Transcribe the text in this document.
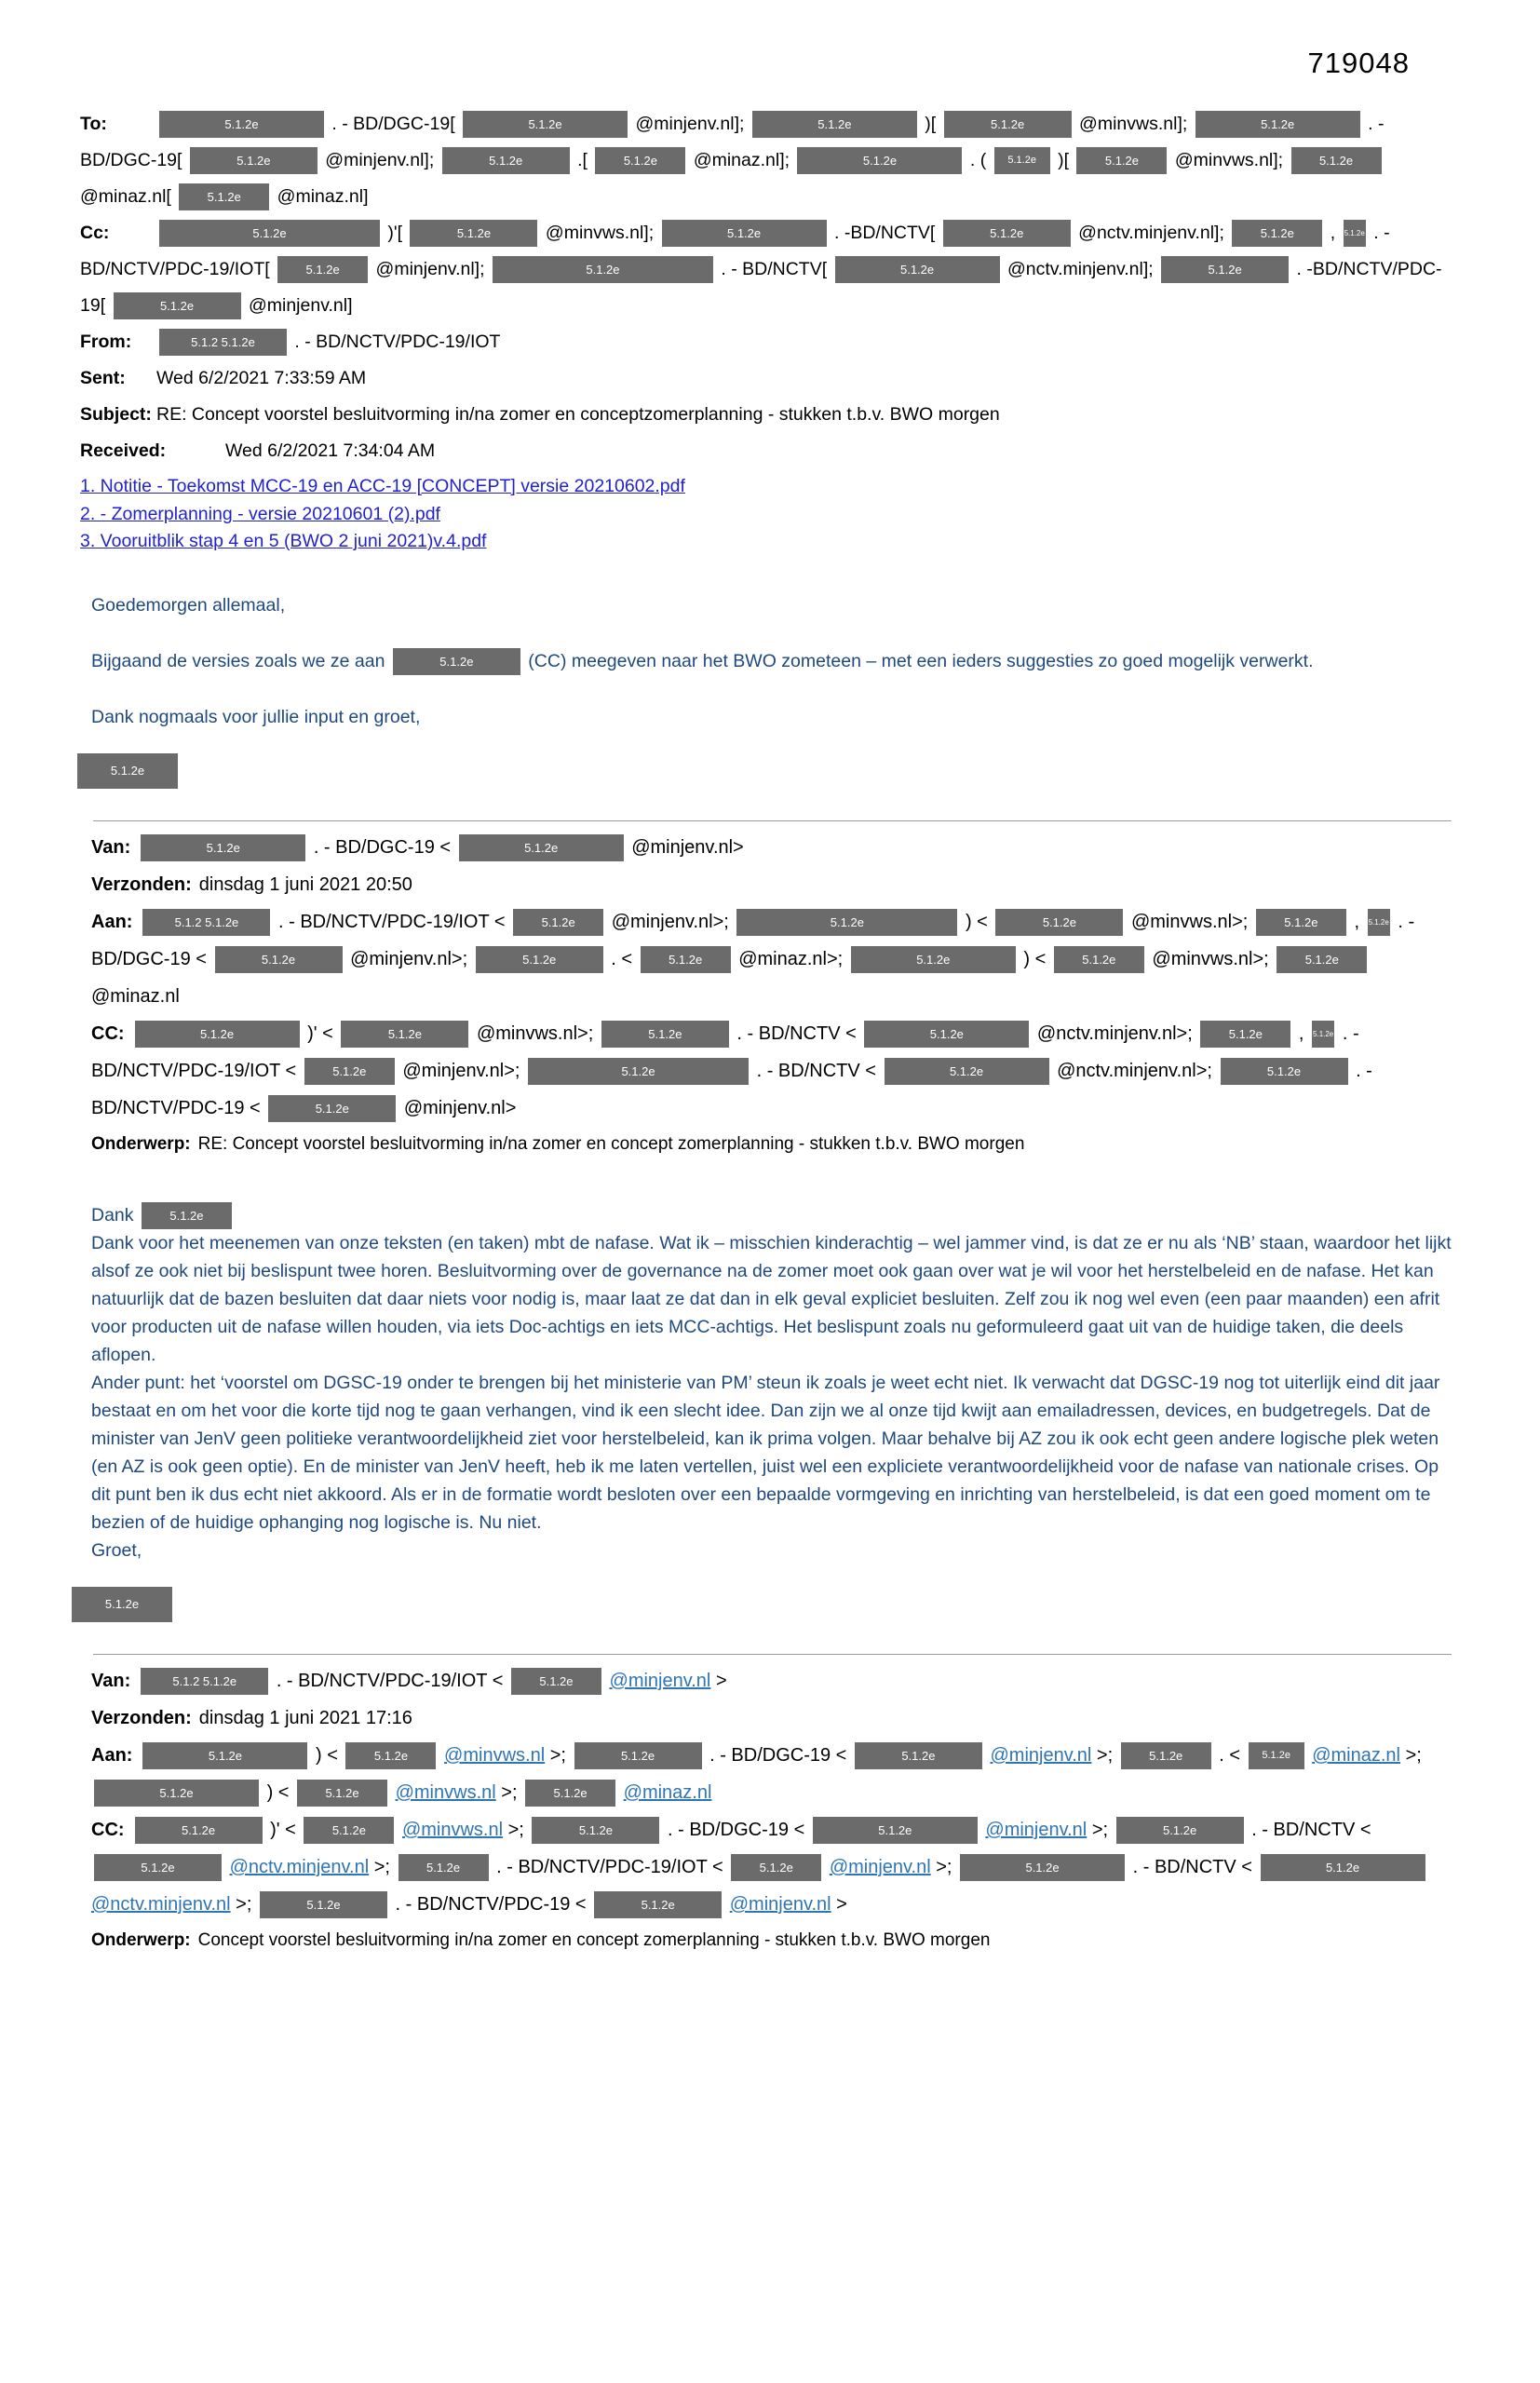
719048
To:	5.1.2e	. - BD/DGC-19[	5.1.2e	@minjenv.nl];	5.1.2e	)[	5.1.2e	@minvws.nl];	5.1.2e	. -BD/DGC-19[	5.1.2e	@minjenv.nl];	5.1.2e	.[	5.1.2e @minaz.nl];	5.1.2e	. ( 5.1.2e )[	5.1.2e @minvws.nl];	5.1.2e @minaz.nl[	5.1.2e @minaz.nl]
Cc:	5.1.2e	)'[	5.1.2e	@minvws.nl];	5.1.2e	. -BD/NCTV[	5.1.2e	@nctv.minjenv.nl];	5.1.2e , 5.1.2e . -BD/NCTV/PDC-19/IOT[	5.1.2e @minjenv.nl];	5.1.2e	. - BD/NCTV[	5.1.2e	@nctv.minjenv.nl];	5.1.2e	. -BD/NCTV/PDC-19[	5.1.2e	@minjenv.nl]
From:	5.1.2 5.1.2e . - BD/NCTV/PDC-19/IOT
Sent: Wed 6/2/2021 7:33:59 AM
Subject: RE: Concept voorstel besluitvorming in/na zomer en conceptzomerplanning - stukken t.b.v. BWO morgen
Received:	Wed 6/2/2021 7:34:04 AM
1. Notitie - Toekomst MCC-19 en ACC-19 [CONCEPT] versie 20210602.pdf
2. - Zomerplanning - versie 20210601 (2).pdf
3. Vooruitblik stap 4 en 5 (BWO 2 juni 2021)v.4.pdf

Goedemorgen allemaal,

Bijgaand de versies zoals we ze aan	5.1.2e	(CC) meegeven naar het BWO zometeen – met een ieders suggesties zo goed mogelijk verwerkt.

Dank nogmaals voor jullie input en groet,

5.1.2e
Van:	5.1.2e	. - BD/DGC-19 <	5.1.2e	@minjenv.nl>
Verzonden: dinsdag 1 juni 2021 20:50
Aan:	5.1.2 5.1.2e . - BD/NCTV/PDC-19/IOT <	5.1.2e @minjenv.nl>;	5.1.2e	) <	5.1.2e	@minvws.nl>;	5.1.2e , 5.1.2e . - BD/DGC-19 <	5.1.2e	@minjenv.nl>;	5.1.2e	. <	5.1.2e @minaz.nl>;	5.1.2e	) <	5.1.2e @minvws.nl>;	5.1.2e @minaz.nl
CC:	5.1.2e	)' <	5.1.2e	@minvws.nl>;	5.1.2e	. - BD/NCTV <	5.1.2e	@nctv.minjenv.nl>;	5.1.2e , 5.1.2e . - BD/NCTV/PDC-19/IOT <	5.1.2e @minjenv.nl>;	5.1.2e	. - BD/NCTV <	5.1.2e	@nctv.minjenv.nl>;	5.1.2e	. - BD/NCTV/PDC-19 <	5.1.2e	@minjenv.nl>
Onderwerp: RE: Concept voorstel besluitvorming in/na zomer en concept zomerplanning - stukken t.b.v. BWO morgen

Dank	5.1.2e

Dank voor het meenemen van onze teksten (en taken) mbt de nafase. Wat ik – misschien kinderachtig – wel jammer vind, is dat ze er nu als ‘NB’ staan, waardoor het lijkt alsof ze ook niet bij beslispunt twee horen. Besluitvorming over de governance na de zomer moet ook gaan over wat je wil voor het herstelbeleid en de nafase. Het kan natuurlijk dat de bazen besluiten dat daar niets voor nodig is, maar laat ze dat dan in elk geval expliciet besluiten. Zelf zou ik nog wel even (een paar maanden) een afrit voor producten uit de nafase willen houden, via iets Doc-achtigs en iets MCC-achtigs. Het beslispunt zoals nu geformuleerd gaat uit van de huidige taken, die deels aflopen.

Ander punt: het ‘voorstel om DGSC-19 onder te brengen bij het ministerie van PM’ steun ik zoals je weet echt niet. Ik verwacht dat DGSC-19 nog tot uiterlijk eind dit jaar bestaat en om het voor die korte tijd nog te gaan verhangen, vind ik een slecht idee. Dan zijn we al onze tijd kwijt aan emailadressen, devices, en budgetregels. Dat de minister van JenV geen politieke verantwoordelijkheid ziet voor herstelbeleid, kan ik prima volgen. Maar behalve bij AZ zou ik ook echt geen andere logische plek weten (en AZ is ook geen optie). En de minister van JenV heeft, heb ik me laten vertellen, juist wel een expliciete verantwoordelijkheid voor de nafase van nationale crises. Op dit punt ben ik dus echt niet akkoord. Als er in de formatie wordt besloten over een bepaalde vormgeving en inrichting van herstelbeleid, is dat een goed moment om te bezien of de huidige ophanging nog logische is. Nu niet.

Groet,

5.1.2e
Van:	5.1.2 5.1.2e . - BD/NCTV/PDC-19/IOT <	5.1.2e @minjenv.nl >
Verzonden: dinsdag 1 juni 2021 17:16
Aan:	5.1.2e	) <	5.1.2e @minvws.nl >;	5.1.2e	. - BD/DGC-19 <	5.1.2e	@minjenv.nl >;	5.1.2e . < 5.1.2e @minaz.nl >; 5.1.2e	) <	5.1.2e @minvws.nl >;	5.1.2e @minaz.nl
CC:	5.1.2e	)' <	5.1.2e @minvws.nl >;	5.1.2e	. - BD/DGC-19 <	5.1.2e	@minjenv.nl >;	5.1.2e	. - BD/NCTV < 5.1.2e	@nctv.minjenv.nl >;	5.1.2e . - BD/NCTV/PDC-19/IOT <	5.1.2e @minjenv.nl >;	5.1.2e	. - BD/NCTV <	5.1.2e @nctv.minjenv.nl >;	5.1.2e	. - BD/NCTV/PDC-19 <	5.1.2e	@minjenv.nl >
Onderwerp: Concept voorstel besluitvorming in/na zomer en concept zomerplanning - stukken t.b.v. BWO morgen
